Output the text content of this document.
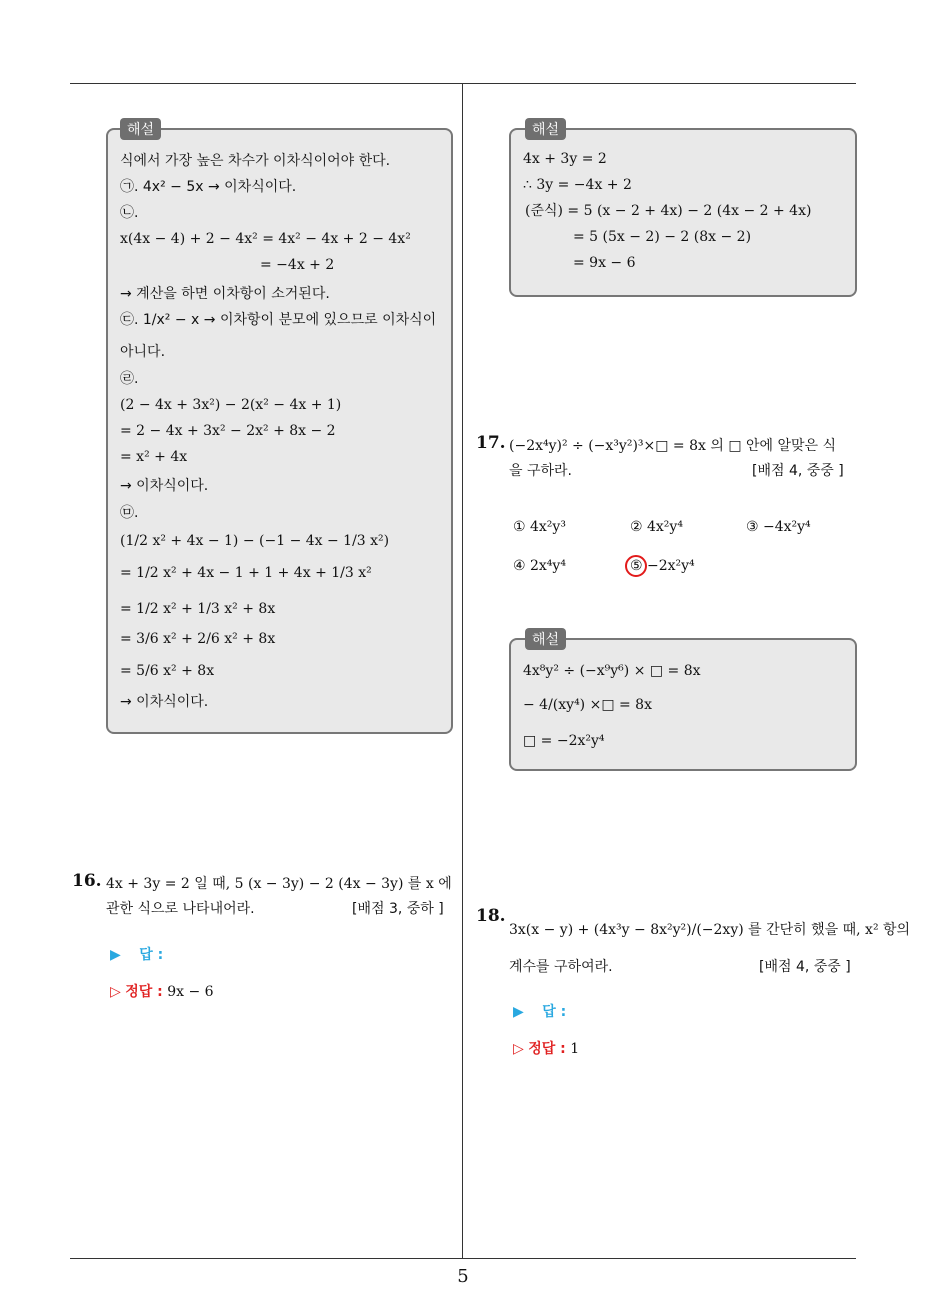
해설
식에서 가장 높은 차수가 이차식이어야 한다.
㉠. 4x² − 5x → 이차식이다.
㉡.
x(4x − 4) + 2 − 4x² = 4x² − 4x + 2 − 4x²
= −4x + 2
→ 계산을 하면 이차항이 소거된다.
㉢. 1/x² − x → 이차항이 분모에 있으므로 이차식이
아니다.
㉣.
(2 − 4x + 3x²) − 2(x² − 4x + 1)
= 2 − 4x + 3x² − 2x² + 8x − 2
= x² + 4x
→ 이차식이다.
㉤.
(1/2 x² + 4x − 1) − (−1 − 4x − 1/3 x²)
= 1/2 x² + 4x − 1 + 1 + 4x + 1/3 x²
= 1/2 x² + 1/3 x² + 8x
= 3/6 x² + 2/6 x² + 8x
= 5/6 x² + 8x
→ 이차식이다.
해설
4x + 3y = 2
∴ 3y = −4x + 2
(준식) = 5 (x − 2 + 4x) − 2 (4x − 2 + 4x)
= 5 (5x − 2) − 2 (8x − 2)
= 9x − 6
17. (−2x⁴y)² ÷ (−x³y²)³×□ = 8x 의 □ 안에 알맞은 식
을 구하라.	[배점 4, 중중 ]
① 4x²y³	② 4x²y⁴	③ −4x²y⁴
④ 2x⁴y⁴	⑤ −2x²y⁴
해설
4x⁸y² ÷ (−x⁹y⁶) × □ = 8x
− 4/(xy⁴) ×□ = 8x
□ = −2x²y⁴
16. 4x + 3y = 2 일 때, 5 (x − 3y) − 2 (4x − 3y) 를 x 에
관한 식으로 나타내어라.	[배점 3, 중하 ]
▶ 답 :
▷ 정답 : 9x − 6
18.
3x(x − y) + (4x³y − 8x²y²)/(−2xy) 를 간단히 했을 때, x² 항의
계수를 구하여라.	[배점 4, 중중 ]
▶ 답 :
▷ 정답 : 1
5
